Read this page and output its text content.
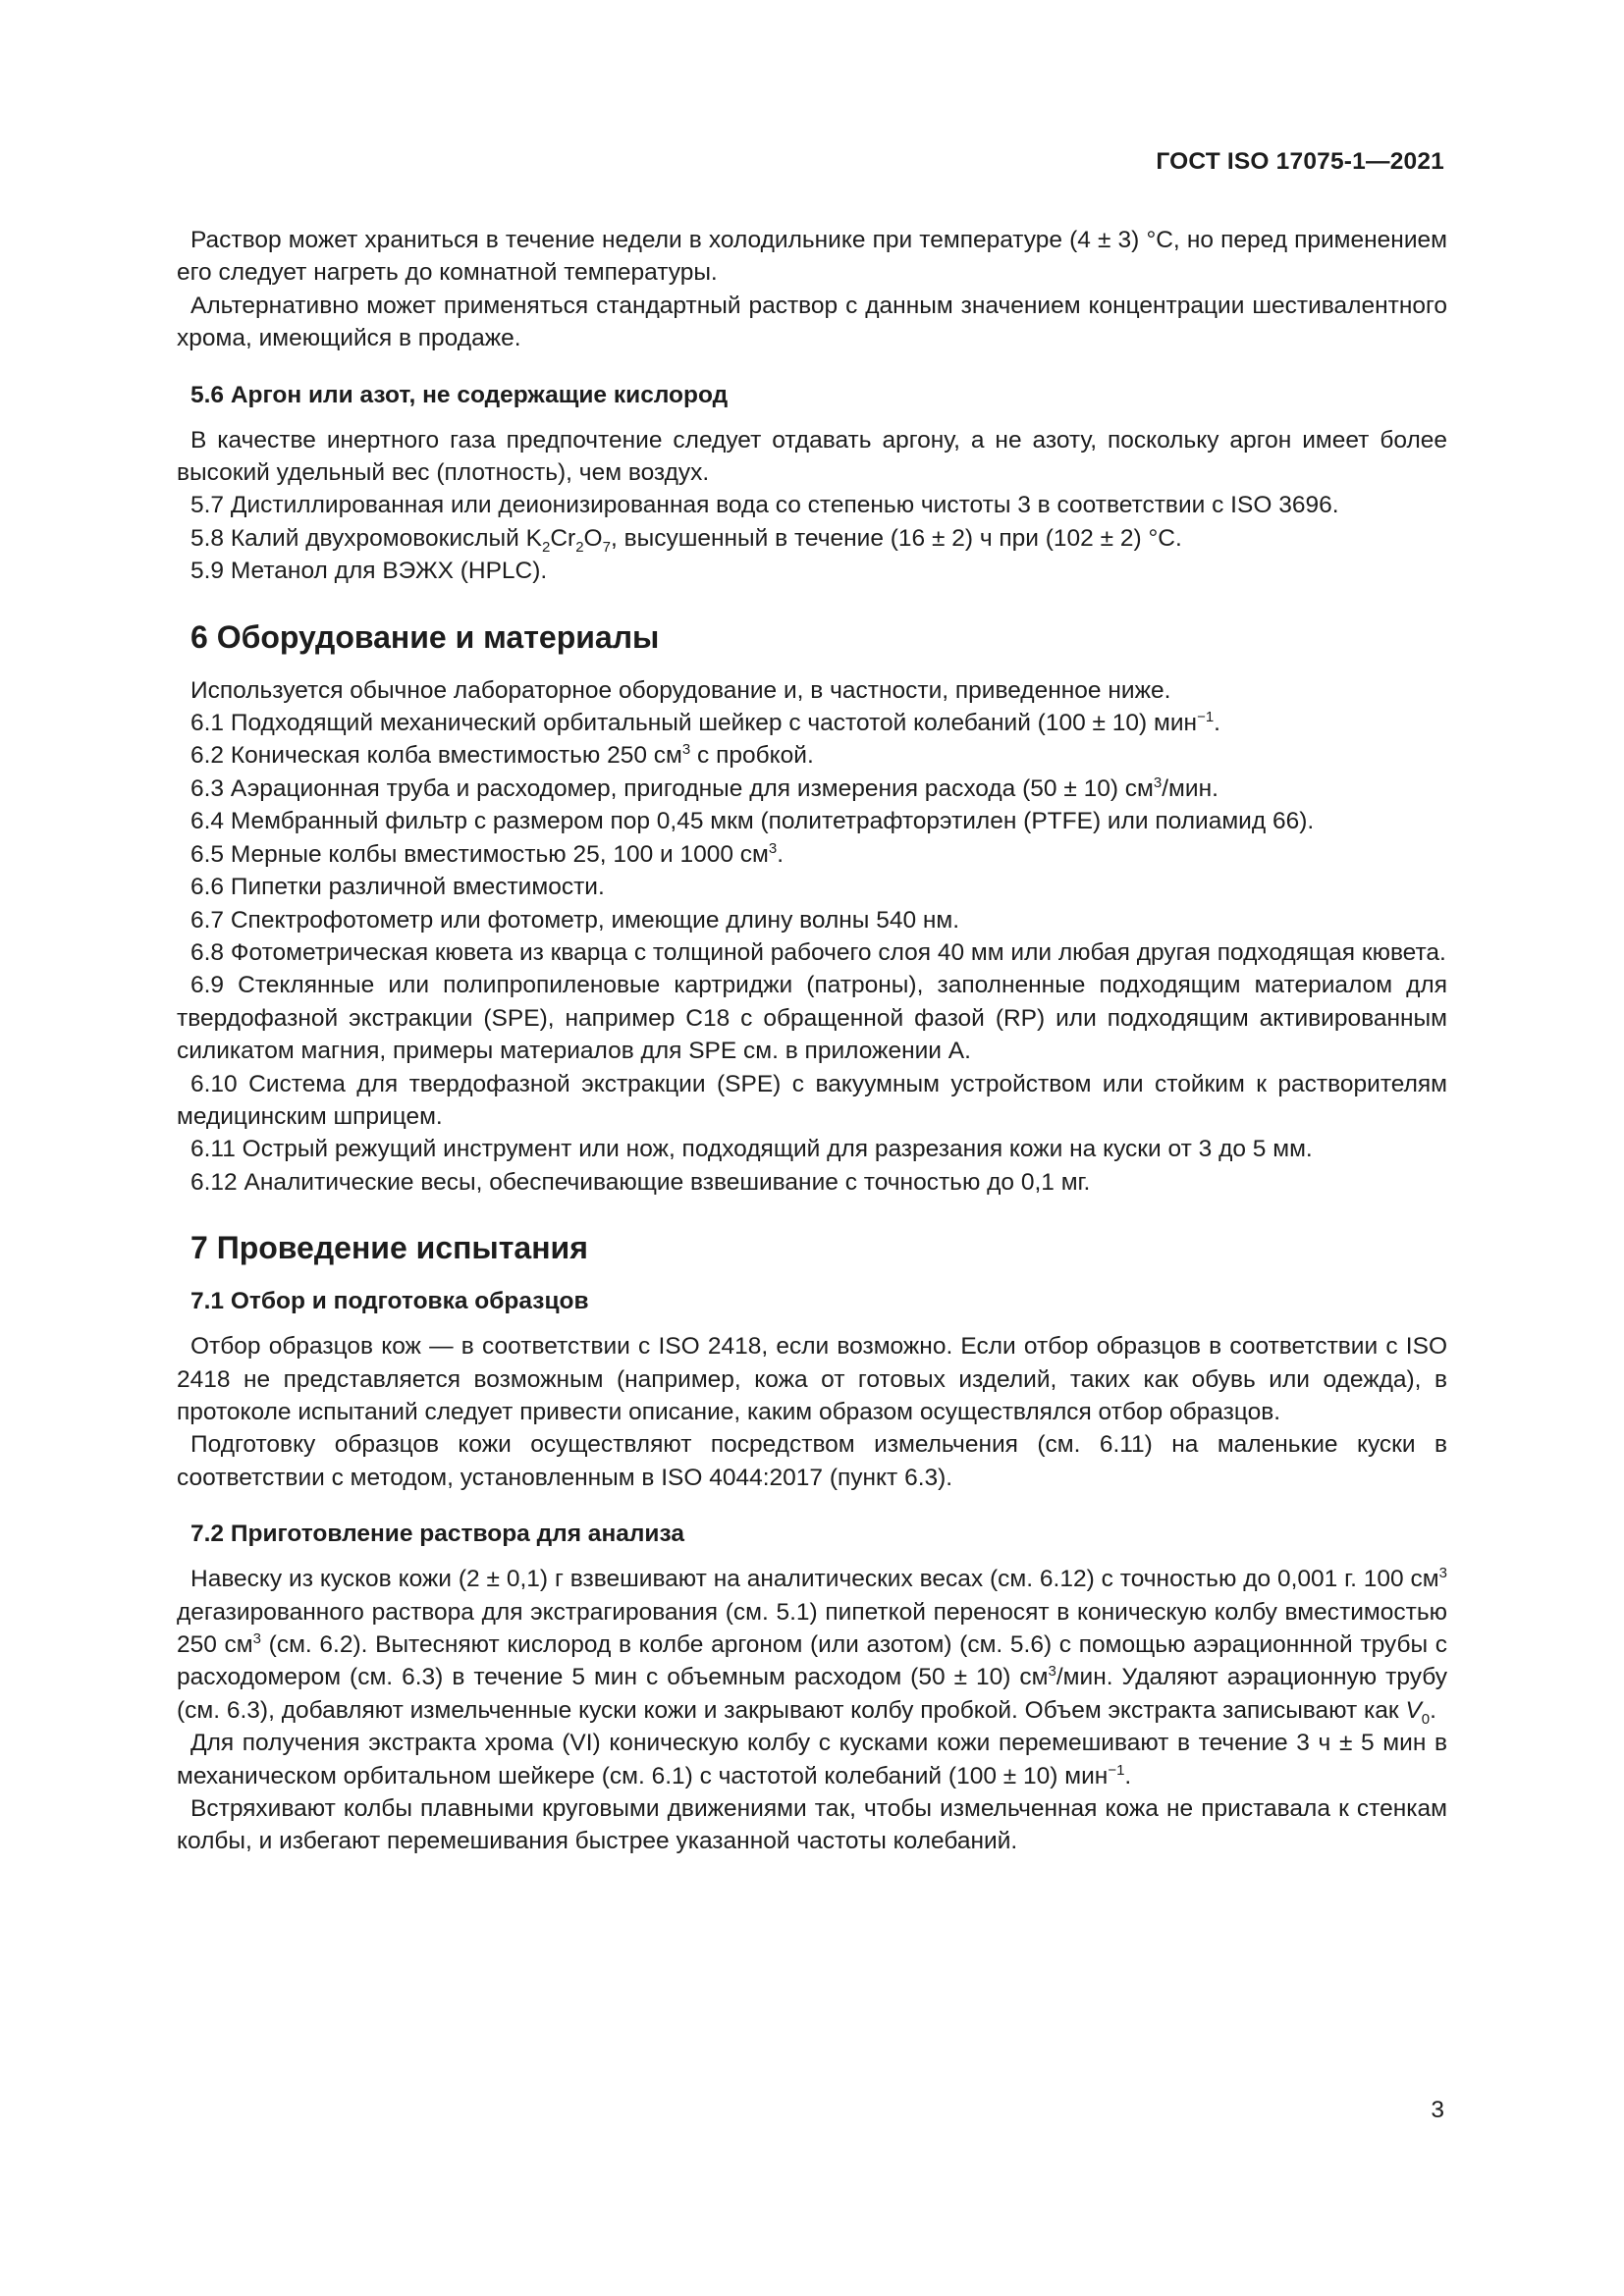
ГОСТ ISO 17075-1—2021

Раствор может храниться в течение недели в холодильнике при температуре (4 ± 3) °С, но перед применением его следует нагреть до комнатной температуры.

Альтернативно может применяться стандартный раствор с данным значением концентрации шестивалентного хрома, имеющийся в продаже.

5.6 Аргон или азот, не содержащие кислород

В качестве инертного газа предпочтение следует отдавать аргону, а не азоту, поскольку аргон имеет более высокий удельный вес (плотность), чем воздух.

5.7 Дистиллированная или деионизированная вода со степенью чистоты 3 в соответствии с ISO 3696.

5.8 Калий двухромовокислый $K_2Cr_2O_7$, высушенный в течение (16 ± 2) ч при (102 ± 2) °С.

5.9 Метанол для ВЭЖХ (HPLC).

6 Оборудование и материалы

Используется обычное лабораторное оборудование и, в частности, приведенное ниже.

6.1 Подходящий механический орбитальный шейкер с частотой колебаний (100 ± 10) мин$^{-1}$.

6.2 Коническая колба вместимостью 250 $см^3$ с пробкой.

6.3 Аэрационная труба и расходомер, пригодные для измерения расхода (50 ± 10) $см^3$/мин.

6.4 Мембранный фильтр с размером пор 0,45 мкм (политетрафторэтилен (PTFE) или полиамид 66).

6.5 Мерные колбы вместимостью 25, 100 и 1000 $см^3$.

6.6 Пипетки различной вместимости.

6.7 Спектрофотометр или фотометр, имеющие длину волны 540 нм.

6.8 Фотометрическая кювета из кварца с толщиной рабочего слоя 40 мм или любая другая подходящая кювета.

6.9 Стеклянные или полипропиленовые картриджи (патроны), заполненные подходящим материалом для твердофазной экстракции (SPE), например С18 с обращенной фазой (RP) или подходящим активированным силикатом магния, примеры материалов для SPE см. в приложении А.

6.10 Система для твердофазной экстракции (SPE) с вакуумным устройством или стойким к растворителям медицинским шприцем.

6.11 Острый режущий инструмент или нож, подходящий для разрезания кожи на куски от 3 до 5 мм.

6.12 Аналитические весы, обеспечивающие взвешивание с точностью до 0,1 мг.

7 Проведение испытания
7.1 Отбор и подготовка образцов

Отбор образцов кож — в соответствии с ISO 2418, если возможно. Если отбор образцов в соответствии с ISO 2418 не представляется возможным (например, кожа от готовых изделий, таких как обувь или одежда), в протоколе испытаний следует привести описание, каким образом осуществлялся отбор образцов.

Подготовку образцов кожи осуществляют посредством измельчения (см. 6.11) на маленькие куски в соответствии с методом, установленным в ISO 4044:2017 (пункт 6.3).

7.2 Приготовление раствора для анализа

Навеску из кусков кожи (2 ± 0,1) г взвешивают на аналитических весах (см. 6.12) с точностью до 0,001 г. 100 $см^3$ дегазированного раствора для экстрагирования (см. 5.1) пипеткой переносят в коническую колбу вместимостью 250 $см^3$ (см. 6.2). Вытесняют кислород в колбе аргоном (или азотом) (см. 5.6) с помощью аэрационнной трубы с расходомером (см. 6.3) в течение 5 мин с объемным расходом (50 ± 10) $см^3$/мин. Удаляют аэрационную трубу (см. 6.3), добавляют измельченные куски кожи и закрывают колбу пробкой. Объем экстракта записывают как $V_0$.

Для получения экстракта хрома (VI) коническую колбу с кусками кожи перемешивают в течение 3 ч ± 5 мин в механическом орбитальном шейкере (см. 6.1) с частотой колебаний (100 ± 10) мин$^{-1}$.

Встряхивают колбы плавными круговыми движениями так, чтобы измельченная кожа не приставала к стенкам колбы, и избегают перемешивания быстрее указанной частоты колебаний.

3
